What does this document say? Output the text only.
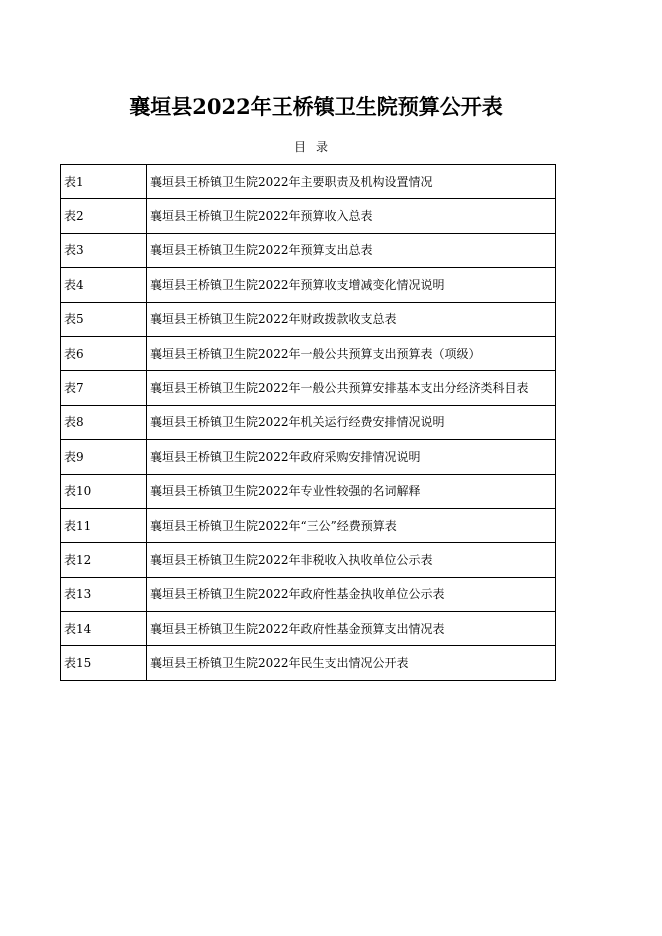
襄垣县2022年王桥镇卫生院预算公开表
目录
表1	襄垣县王桥镇卫生院2022年主要职责及机构设置情况
表2	襄垣县王桥镇卫生院2022年预算收入总表
表3	襄垣县王桥镇卫生院2022年预算支出总表
表4	襄垣县王桥镇卫生院2022年预算收支增减变化情况说明
表5	襄垣县王桥镇卫生院2022年财政拨款收支总表
表6	襄垣县王桥镇卫生院2022年一般公共预算支出预算表（项级）
表7	襄垣县王桥镇卫生院2022年一般公共预算安排基本支出分经济类科目表
表8	襄垣县王桥镇卫生院2022年机关运行经费安排情况说明
表9	襄垣县王桥镇卫生院2022年政府采购安排情况说明
表10	襄垣县王桥镇卫生院2022年专业性较强的名词解释
表11	襄垣县王桥镇卫生院2022年“三公”经费预算表
表12	襄垣县王桥镇卫生院2022年非税收入执收单位公示表
表13	襄垣县王桥镇卫生院2022年政府性基金执收单位公示表
表14	襄垣县王桥镇卫生院2022年政府性基金预算支出情况表
表15	襄垣县王桥镇卫生院2022年民生支出情况公开表
